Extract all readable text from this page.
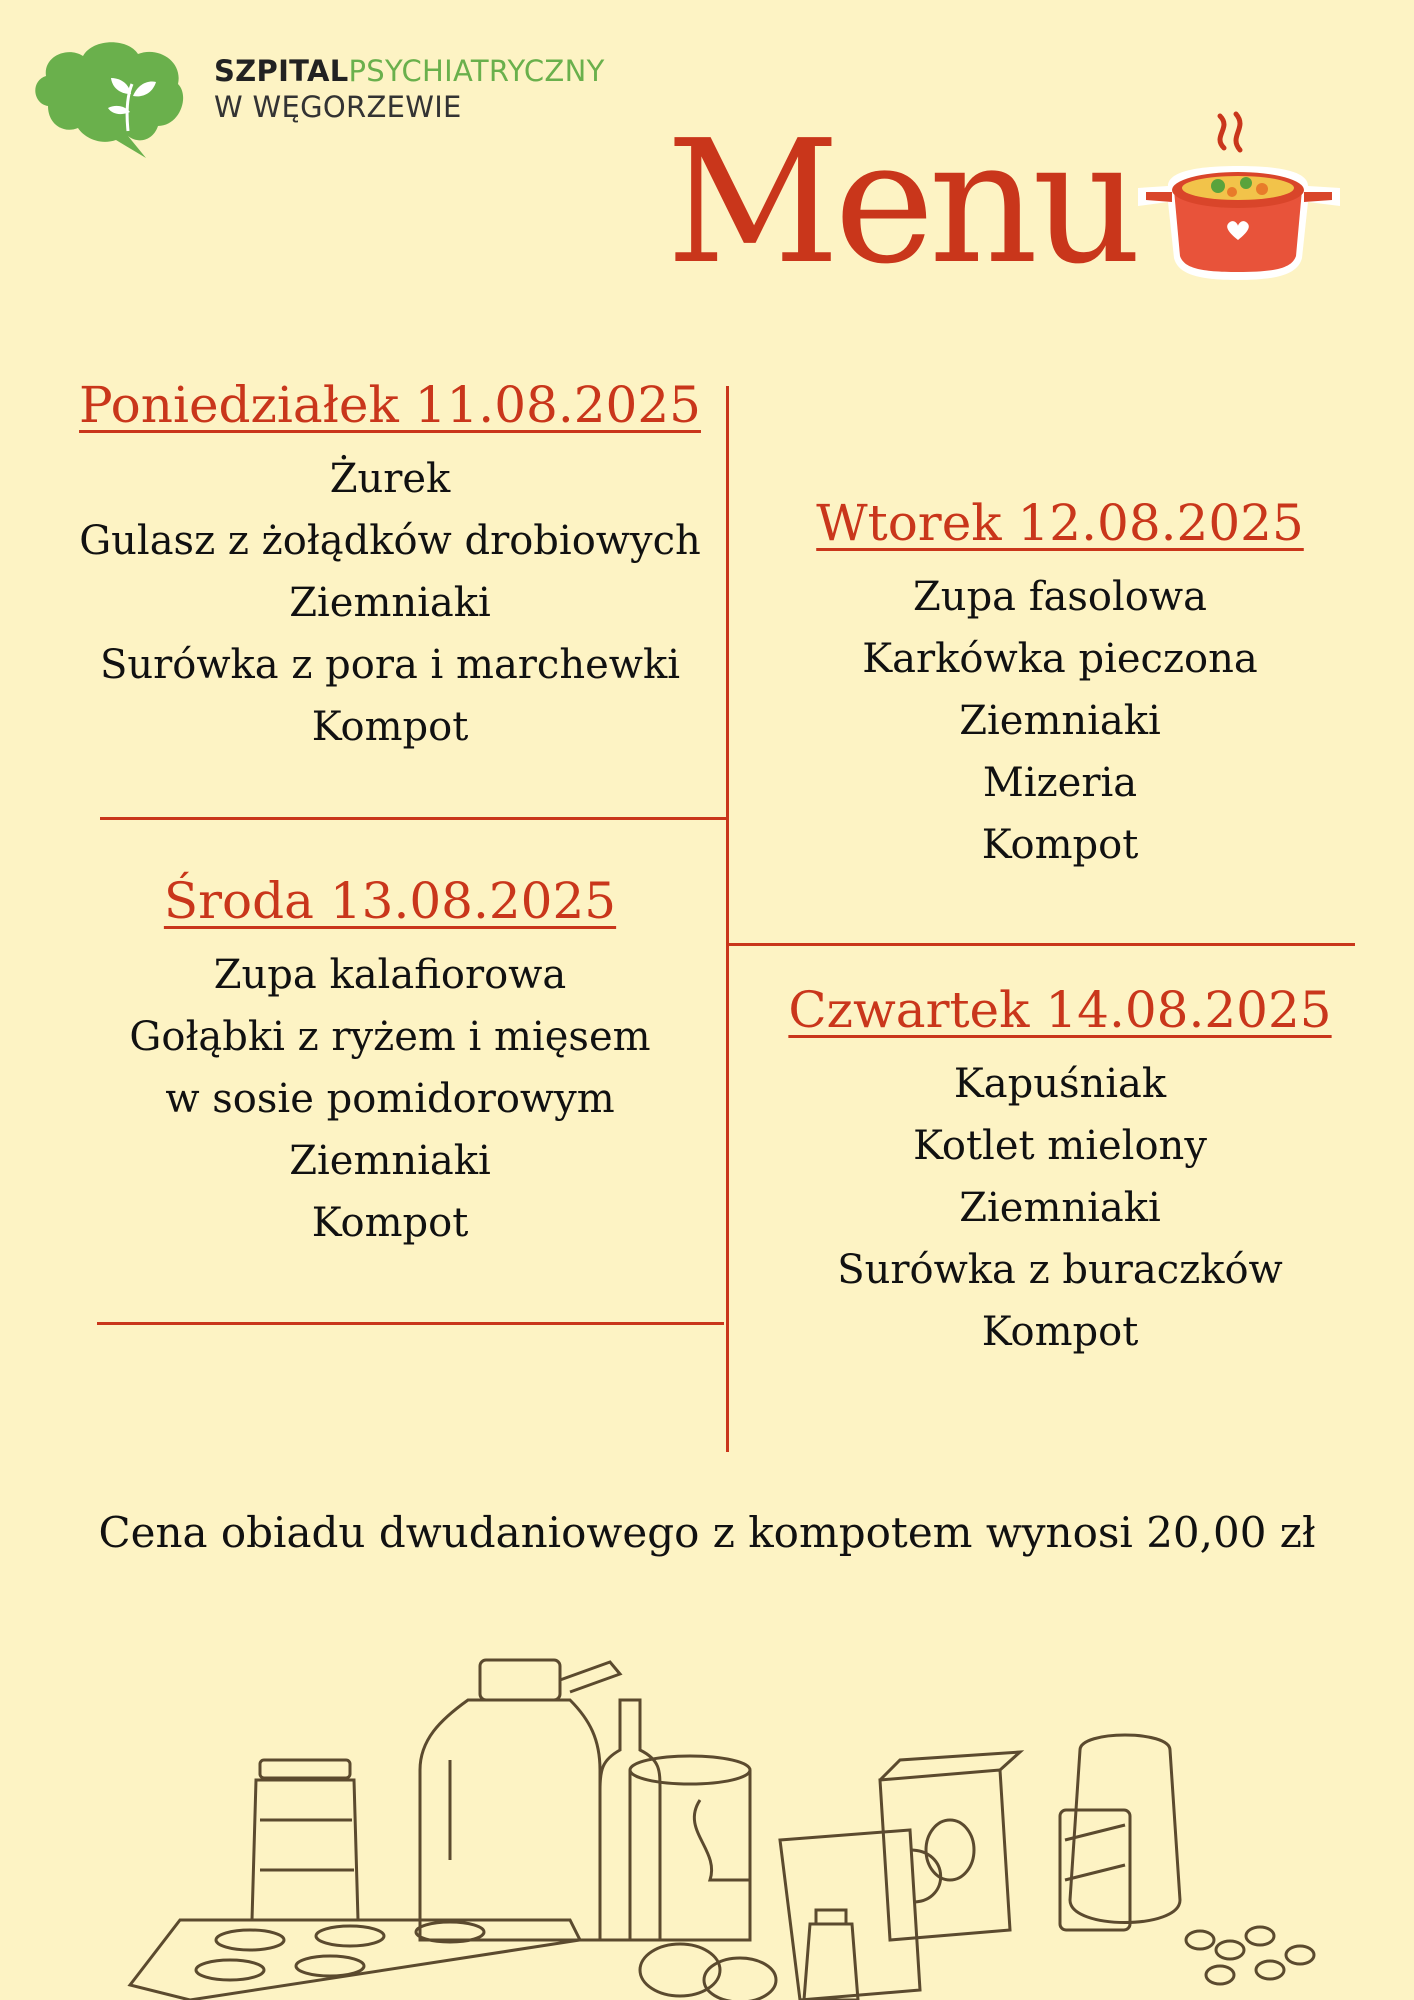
SZPITALPSYCHIATRYCZNY
W WĘGORZEWIE	Menu
Poniedziałek 11.08.2025
Żurek
Gulasz z żołądków drobiowych
Ziemniaki
Surówka z pora i marchewki
Kompot
Wtorek 12.08.2025
Zupa fasolowa
Karkówka pieczona
Ziemniaki
Mizeria
Kompot
Środa 13.08.2025
Zupa kalafiorowa
Gołąbki z ryżem i mięsem
w sosie pomidorowym
Ziemniaki
Kompot
Czwartek 14.08.2025
Kapuśniak
Kotlet mielony
Ziemniaki
Surówka z buraczków
Kompot
Cena obiadu dwudaniowego z kompotem wynosi 20,00 zł
